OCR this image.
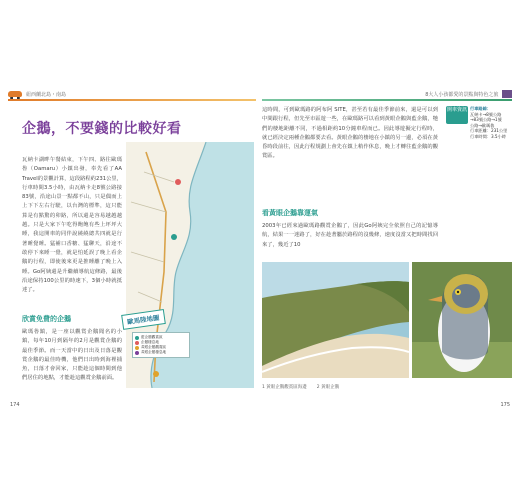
紐西蘭北島・南島
企鵝，不要錢的比較好看
瓦納卡湖畔午餐結束，下午四、路往歐瑪魯（Oamaru）小鎮出發，奉先看了AA Travel的景觀計算，這段路程約231公里，行車時間3.5小時，由瓦納卡走8號公路接83號，沿途山景一點都不山，只是偶而上上下下左右行駛，以台灣的標準，這只能算是有點驚的卯路，所以還是容易越越越越。只是大家下午吃得飽飽有些上坪坪大睡，我這開車的同伴說繞繞總共四就是行著睡覺睡。猛補口香糖、猛聊天，沿途不敢停下來睡一覺，就是怕延誤了晚上看企鵝的行程，即使後來更是推睡離了晚上入睡。Go阿姨還是升繼續導航這條路，最後沿途保持100公里的時速下，3個小時就抵達了。
欣賞免費的企鵝
歐瑪魯鎮，是一座以觀賞企鵝聞名的小鎮，每年10月到隔年的2月是觀賞企鵝的最佳季節。而一天當中的日出及日落是觀賞企鵝的最佳時機，他們日出時到海裡捕魚，日落才會回家，只能趁這個時間到他們居住的地點，才能趁這觀賞企鵝前面。
歐馬陸地圖
藍企鵝觀賞區
企鵝棲息地
黃眼企鵝觀賞區
黃眼企鵝棲息地
174
8大人小孩都愛的景點與特色之旅

這時間，可到歐瑪路的阿布阿 SITE，甚至若有最佳季節前來，還是可以到中間跟行程，但先至市區遊一些，在歐瑪路可以看到黃眼企鵝與藍企鵝，牠們的棲地距離不同，不過相距約10分鐘車程而已。因此導遊擬定行程時，就已經決定兩種企鵝都要去看。黃眼企鵝的棲地在小鎮的另一邊，必須在黃昏時段前往，因此行程規劃上會先在鎮上稍作休息，晚上才轉往藍企鵝的觀賞區。
開車資訊 行車路線：
瓦納卡→8號公路
→83號公路→1號
公路→歐瑪魯
行車距離：231公里
行車時間：3.5小時
看黃眼企鵝靠運氣
2003年已經來過歐瑪路觀賞企鵝了，因此Go阿姨完全依照自己的記憶導航，結果一一迷路了，好在趁著屬於路程的沒幾條，速度沒當又把時間找回來了，幾近了10
1 黃眼企鵝觀賞區海邊 2 黃眼企鵝
175
